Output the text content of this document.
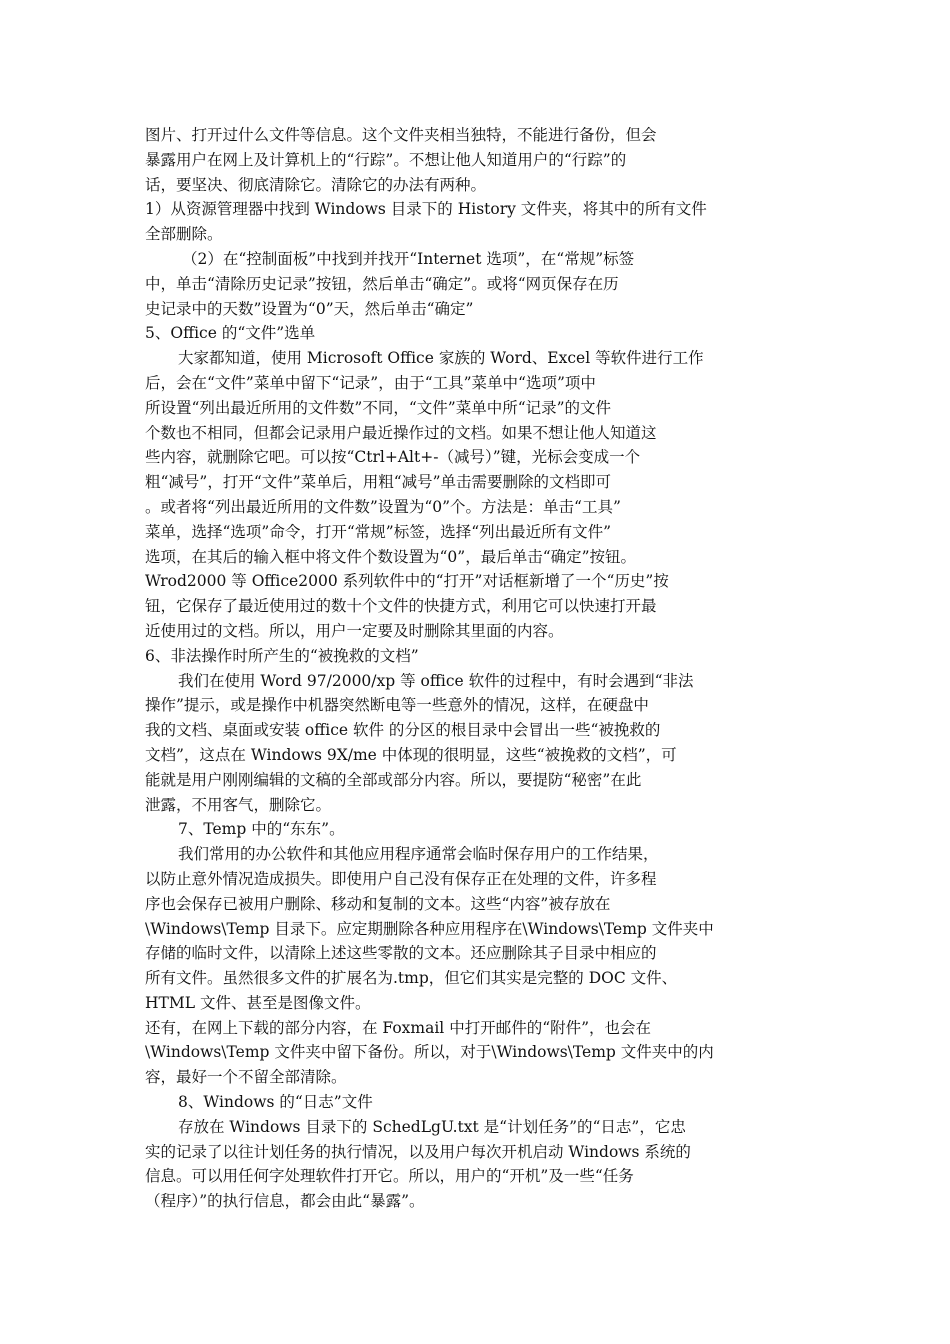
图片、打开过什么文件等信息。这个文件夹相当独特，不能进行备份，但会
暴露用户在网上及计算机上的“行踪”。不想让他人知道用户的“行踪”的
话，要坚决、彻底清除它。清除它的办法有两种。
1）从资源管理器中找到 Windows 目录下的 History 文件夹，将其中的所有文件
全部删除。
（2）在“控制面板”中找到并找开“Internet 选项”，在“常规”标签
中，单击“清除历史记录”按钮，然后单击“确定”。或将“网页保存在历
史记录中的天数”设置为“0”天，然后单击“确定”
5、Office 的“文件”选单
大家都知道，使用 Microsoft Office 家族的 Word、Excel 等软件进行工作
后，会在“文件”菜单中留下“记录”，由于“工具”菜单中“选项”项中
所设置“列出最近所用的文件数”不同，“文件”菜单中所“记录”的文件
个数也不相同，但都会记录用户最近操作过的文档。如果不想让他人知道这
些内容，就删除它吧。可以按“Ctrl+Alt+-（减号）”键，光标会变成一个
粗“减号”，打开“文件”菜单后，用粗“减号”单击需要删除的文档即可
。或者将“列出最近所用的文件数”设置为“0”个。方法是：单击“工具”
菜单，选择“选项”命令，打开“常规”标签，选择“列出最近所有文件”
选项，在其后的输入框中将文件个数设置为“0”，最后单击“确定”按钮。
Wrod2000 等 Office2000 系列软件中的“打开”对话框新增了一个“历史”按
钮，它保存了最近使用过的数十个文件的快捷方式，利用它可以快速打开最
近使用过的文档。所以，用户一定要及时删除其里面的内容。
6、非法操作时所产生的“被挽救的文档”
我们在使用 Word 97/2000/xp 等 office 软件的过程中，有时会遇到“非法
操作”提示，或是操作中机器突然断电等一些意外的情况，这样，在硬盘中
我的文档、桌面或安装 office 软件 的分区的根目录中会冒出一些“被挽救的
文档”，这点在 Windows 9X/me 中体现的很明显，这些“被挽救的文档”，可
能就是用户刚刚编辑的文稿的全部或部分内容。所以，要提防“秘密”在此
泄露，不用客气，删除它。
7、Temp 中的“东东”。
我们常用的办公软件和其他应用程序通常会临时保存用户的工作结果，
以防止意外情况造成损失。即使用户自己没有保存正在处理的文件，许多程
序也会保存已被用户删除、移动和复制的文本。这些“内容”被存放在
\Windows\Temp 目录下。应定期删除各种应用程序在\Windows\Temp 文件夹中
存储的临时文件，以清除上述这些零散的文本。还应删除其子目录中相应的
所有文件。虽然很多文件的扩展名为.tmp，但它们其实是完整的 DOC 文件、
HTML 文件、甚至是图像文件。
还有，在网上下载的部分内容，在 Foxmail 中打开邮件的“附件”，也会在
\Windows\Temp 文件夹中留下备份。所以，对于\Windows\Temp 文件夹中的内
容，最好一个不留全部清除。
8、Windows 的“日志”文件
存放在 Windows 目录下的 SchedLgU.txt 是“计划任务”的“日志”，它忠
实的记录了以往计划任务的执行情况，以及用户每次开机启动 Windows 系统的
信息。可以用任何字处理软件打开它。所以，用户的“开机”及一些“任务
（程序）”的执行信息，都会由此“暴露”。
